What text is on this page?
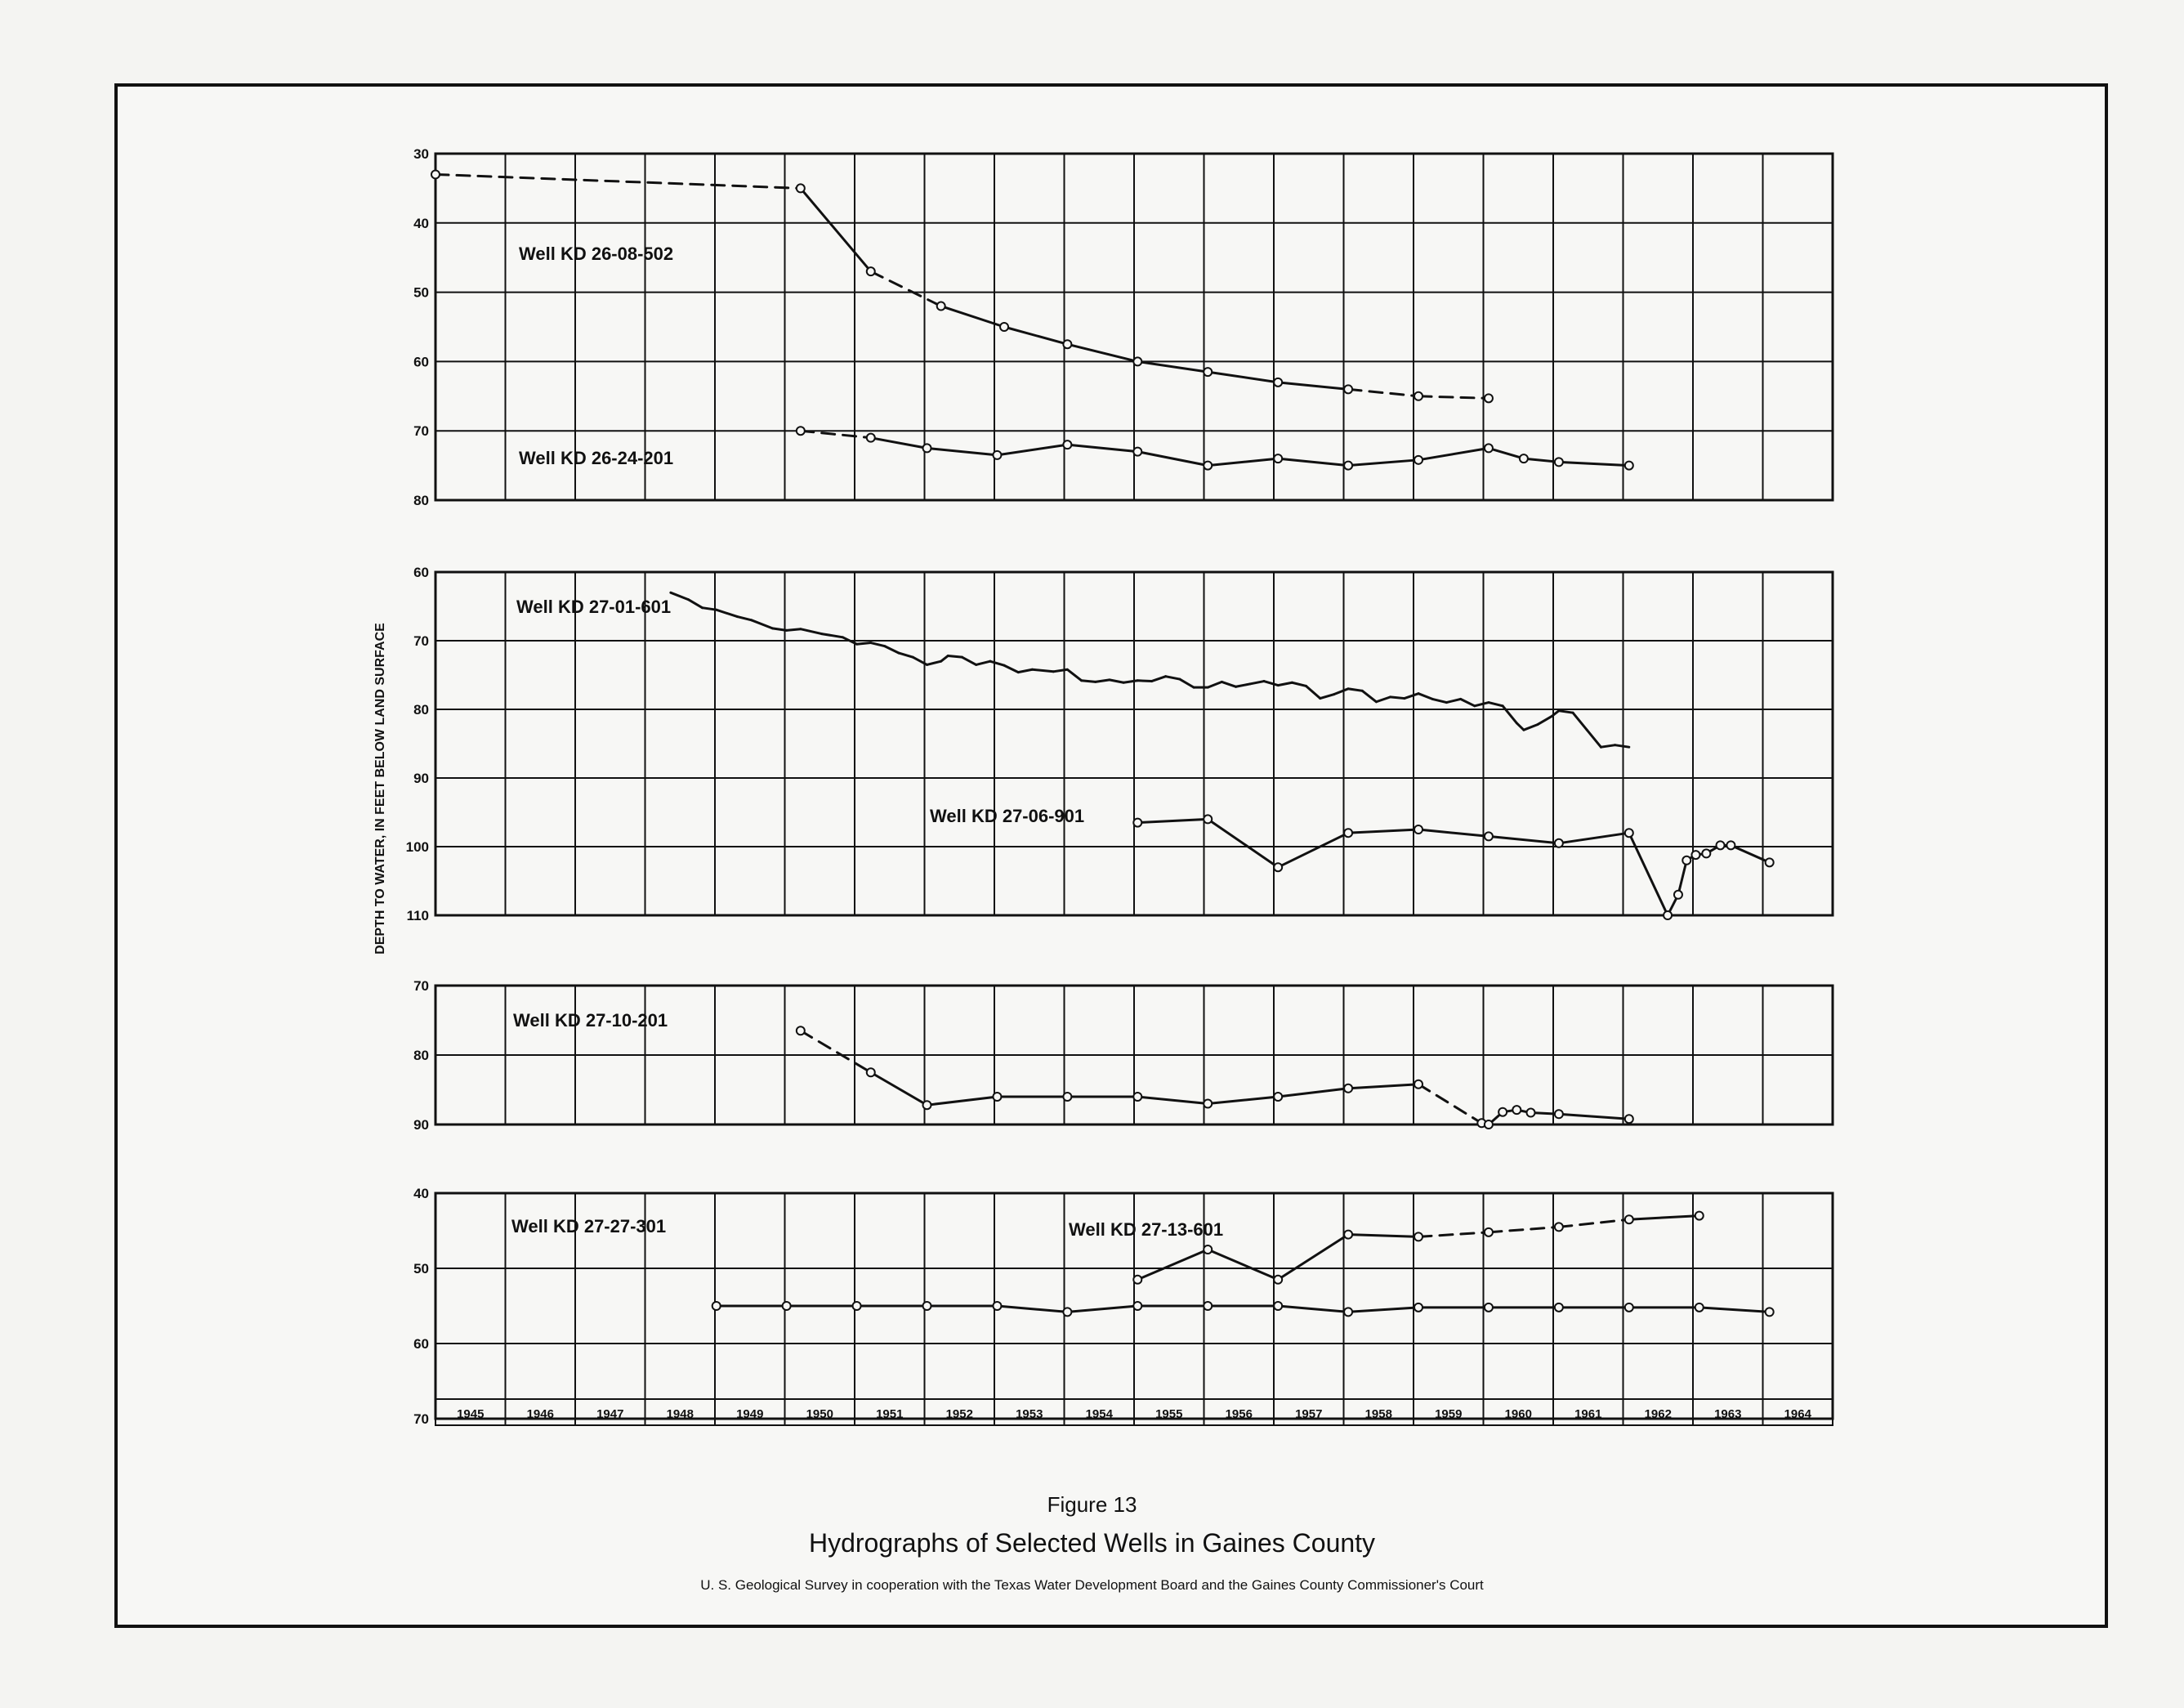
DEPTH TO WATER, IN FEET BELOW LAND SURFACE
30
40
50
60
70
80
Well KD 26-08-502
Well KD 26-24-201
60
70
80
90
100
110
Well KD 27-01-601
Well KD 27-06-901
70
80
90
Well KD 27-10-201
40
50
60
70
Well KD 27-13-601
Well KD 27-27-301
1945	1946	1947	1948	1949	1950	1951	1952	1953	1954	1955	1956	1957	1958	1959	1960	1961	1962	1963	1964
Figure 13
Hydrographs of Selected Wells in Gaines County
U. S. Geological Survey in cooperation with the Texas Water Development Board and the Gaines County Commissioner's Court
